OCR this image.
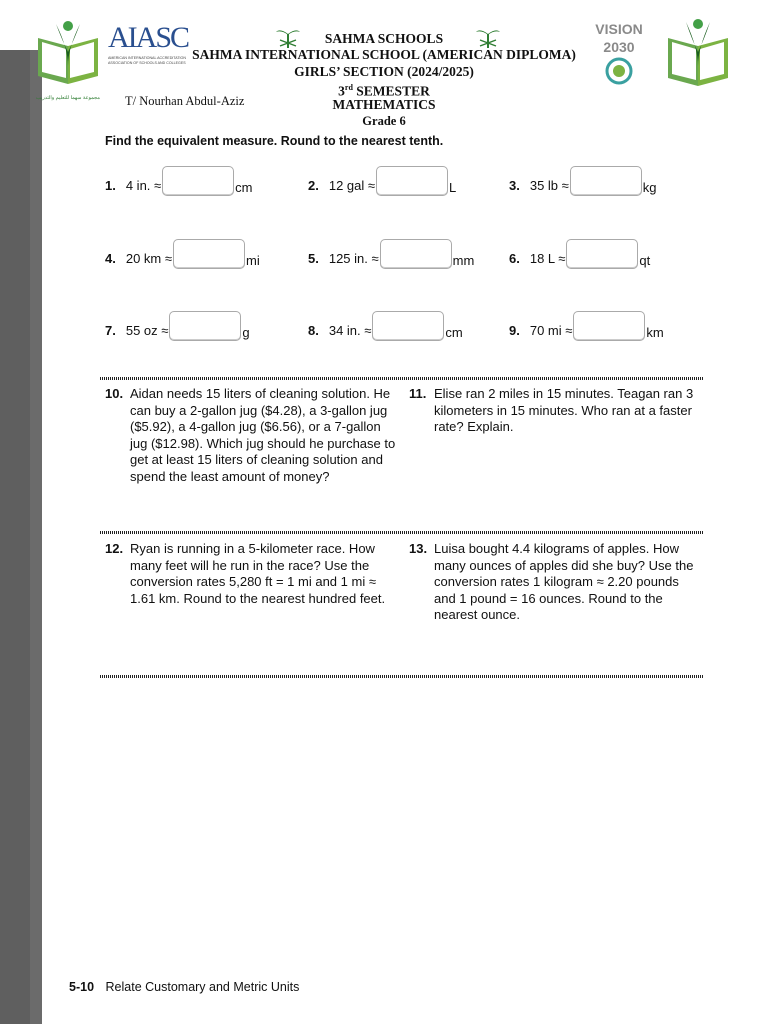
مجموعة سهما للتعليم والتدريب
AIASC
AMERICAN INTERNATIONAL ACCREDITATION ASSOCIATION OF SCHOOLS AND COLLEGES
VISION 2030
SAHMA SCHOOLS
SAHMA INTERNATIONAL SCHOOL (AMERICAN DIPLOMA)
GIRLS’ SECTION (2024/2025)
3rd SEMESTER
MATHEMATICS
Grade 6
T/ Nourhan Abdul-Aziz
Find the equivalent measure. Round to the nearest tenth.
1. 4 in. ≈	cm	2. 12 gal ≈	L	3. 35 lb ≈	kg
4. 20 km ≈	mi	5. 125 in. ≈	mm	6. 18 L ≈	qt
7. 55 oz ≈	g	8. 34 in. ≈	cm	9. 70 mi ≈	km
10. Aidan needs 15 liters of cleaning solution. He can buy a 2-gallon jug ($4.28), a 3-gallon jug ($5.92), a 4-gallon jug ($6.56), or a 7-gallon jug ($12.98). Which jug should he purchase to get at least 15 liters of cleaning solution and spend the least amount of money?
11. Elise ran 2 miles in 15 minutes. Teagan ran 3 kilometers in 15 minutes. Who ran at a faster rate? Explain.
12. Ryan is running in a 5-kilometer race. How many feet will he run in the race? Use the conversion rates 5,280 ft = 1 mi and 1 mi ≈ 1.61 km. Round to the nearest hundred feet.
13. Luisa bought 4.4 kilograms of apples. How many ounces of apples did she buy? Use the conversion rates 1 kilogram ≈ 2.20 pounds and 1 pound = 16 ounces. Round to the nearest ounce.
5-10 Relate Customary and Metric Units
